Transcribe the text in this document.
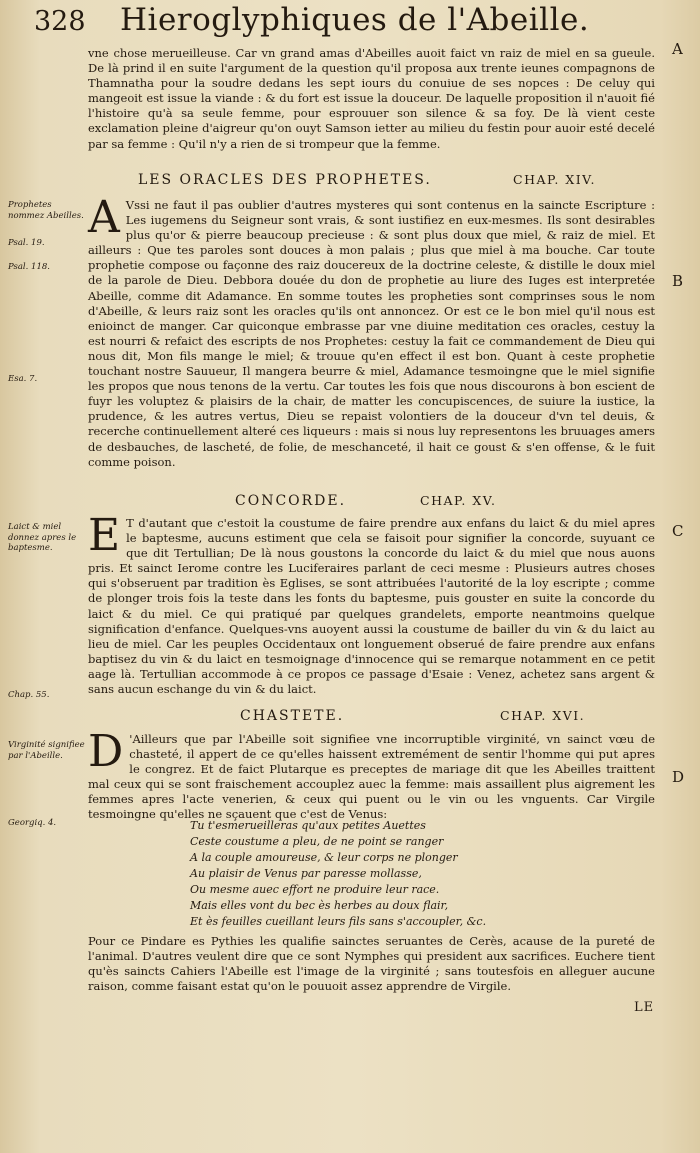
328 Hieroglyphiques de l'Abeille.

vne chose merueilleuse. Car vn grand amas d'Abeilles auoit faict vn raiz de miel en sa gueule. De là prind il en suite l'argument de la question qu'il proposa aux trente ieunes compagnons de Thamnatha pour la soudre dedans les sept iours du conuiue de ses nopces : De celuy qui mangeoit est issue la viande : & du fort est issue la douceur. De laquelle proposition il n'auoit fié l'histoire qu'à sa seule femme, pour esprouuer son silence & sa foy. De là vient ceste exclamation pleine d'aigreur qu'on ouyt Samson ietter au milieu du festin pour auoir esté decelé par sa femme : Qu'il n'y a rien de si trompeur que la femme.

LES ORACLES DES PROPHETES.	CHAP. XIV.
A Vssi ne faut il pas oublier d'autres mysteres qui sont contenus en la saincte Escripture : Les iugemens du Seigneur sont vrais, & sont iustifiez en eux-mesmes. Ils sont desirables plus qu'or & pierre beaucoup precieuse : & sont plus doux que miel, & raiz de miel. Et ailleurs : Que tes paroles sont douces à mon palais ; plus que miel à ma bouche. Car toute prophetie compose ou façonne des raiz doucereux de la doctrine celeste, & distille le doux miel de la parole de Dieu. Debbora douée du don de prophetie au liure des Iuges est interpretée Abeille, comme dit Adamance. En somme toutes les propheties sont comprinses sous le nom d'Abeille, & leurs raiz sont les oracles qu'ils ont annoncez. Or est ce le bon miel qu'il nous est enioinct de manger. Car quiconque embrasse par vne diuine meditation ces oracles, cestuy la est nourri & refaict des escripts de nos Prophetes: cestuy la fait ce commandement de Dieu qui nous dit, Mon fils mange le miel; & trouue qu'en effect il est bon. Quant à ceste prophetie touchant nostre Sauueur, Il mangera beurre & miel, Adamance tesmoingne que le miel signifie les propos que nous tenons de la vertu. Car toutes les fois que nous discourons à bon escient de fuyr les voluptez & plaisirs de la chair, de matter les concupiscences, de suiure la iustice, la prudence, & les autres vertus, Dieu se repaist volontiers de la douceur d'vn tel deuis, & recerche continuellement alteré ces liqueurs : mais si nous luy representons les bruuages amers de desbauches, de lascheté, de folie, de meschanceté, il hait ce goust & s'en offense, & le fuit comme poison.

CONCORDE.	CHAP. XV.
E T d'autant que c'estoit la coustume de faire prendre aux enfans du laict & du miel apres le baptesme, aucuns estiment que cela se faisoit pour signifier la concorde, suyuant ce que dit Tertullian; De là nous goustons la concorde du laict & du miel que nous auons pris. Et sainct Ierome contre les Luciferaires parlant de ceci mesme : Plusieurs autres choses qui s'obseruent par tradition ès Eglises, se sont attribuées l'autorité de la loy escripte ; comme de plonger trois fois la teste dans les fonts du baptesme, puis gouster en suite la concorde du laict & du miel. Ce qui pratiqué par quelques grandelets, emporte neantmoins quelque signification d'enfance. Quelques-vns auoyent aussi la coustume de bailler du vin & du laict au lieu de miel. Car les peuples Occidentaux ont longuement obserué de faire prendre aux enfans baptisez du vin & du laict en tesmoignage d'innocence qui se remarque notamment en ce petit aage là. Tertullian accommode à ce propos ce passage d'Esaie : Venez, achetez sans argent & sans aucun eschange du vin & du laict.

CHASTETE.	CHAP. XVI.
D 'Ailleurs que par l'Abeille soit signifiee vne incorruptible virginité, vn sainct vœu de chasteté, il appert de ce qu'elles haissent extremément de sentir l'homme qui put apres le congrez. Et de faict Plutarque es preceptes de mariage dit que les Abeilles traittent mal ceux qui se sont fraischement accouplez auec la femme: mais assaillent plus aigrement les femmes apres l'acte venerien, & ceux qui puent ou le vin ou les vnguents. Car Virgile tesmoingne qu'elles ne sçauent que c'est de Venus:

Tu t'esmerueilleras qu'aux petites Auettes
Ceste coustume a pleu, de ne point se ranger
A la couple amoureuse, & leur corps ne plonger
Au plaisir de Venus par paresse mollasse,
Ou mesme auec effort ne produire leur race.
Mais elles vont du bec ès herbes au doux flair,
Et ès feuilles cueillant leurs fils sans s'accoupler, &c.

Pour ce Pindare es Pythies les qualifie sainctes seruantes de Cerès, acause de la pureté de l'animal. D'autres veulent dire que ce sont Nymphes qui president aux sacrifices. Euchere tient qu'ès saincts Cahiers l'Abeille est l'image de la virginité ; sans toutesfois en alleguer aucune raison, comme faisant estat qu'on le pouuoit assez apprendre de Virgile.

Prophetes nommez Abeilles.
Psal. 19.
Psal. 118.
Esa. 7.
Laict & miel donnez apres le baptesme.
Chap. 55.
Virginité signifiee par l'Abeille.
Georgiq. 4.
A
B
C
D
LE
